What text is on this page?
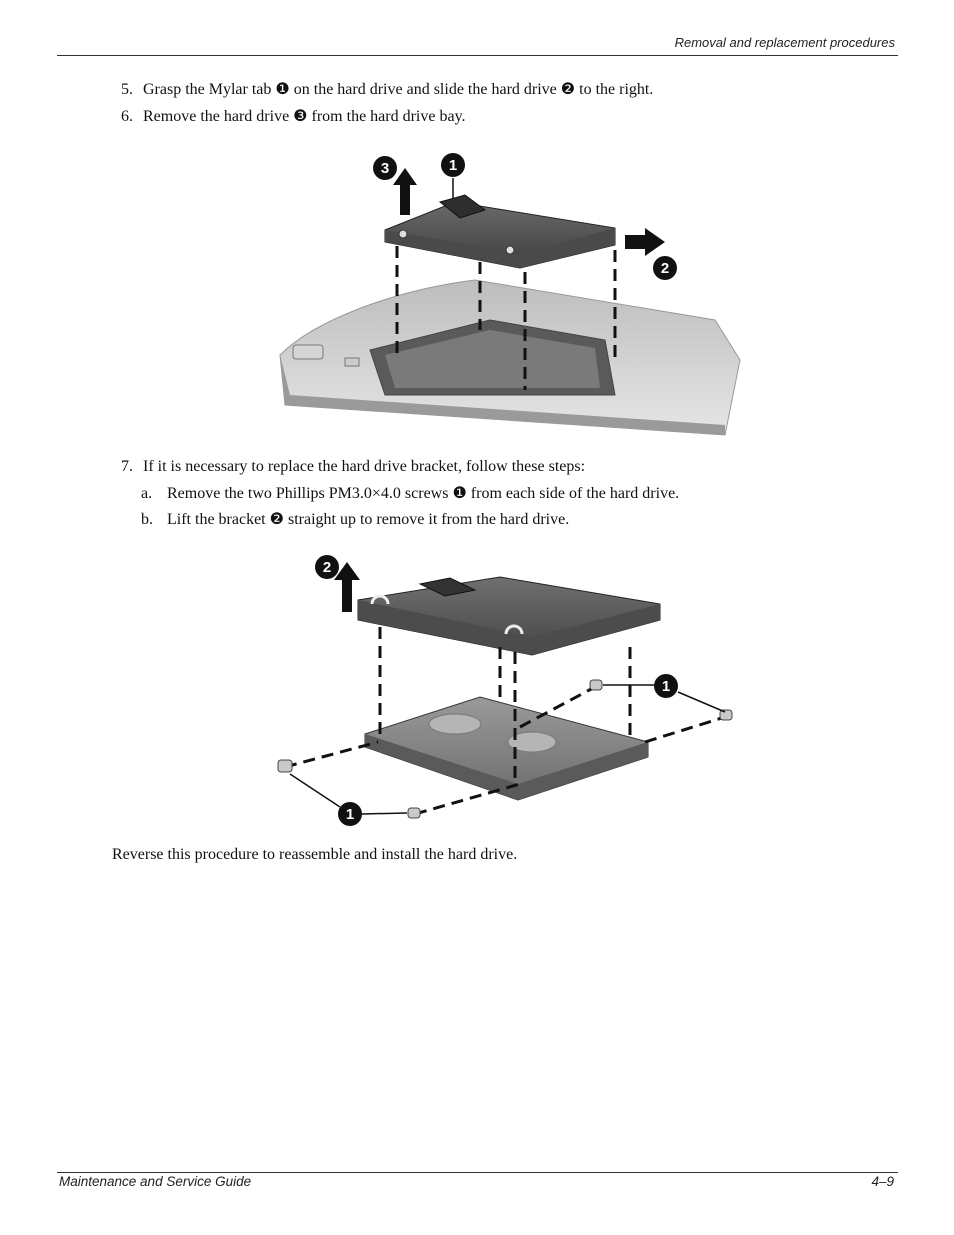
Removal and replacement procedures
5. Grasp the Mylar tab ❶ on the hard drive and slide the hard drive ❷ to the right.
6. Remove the hard drive ❸ from the hard drive bay.
3	1
2
7. If it is necessary to replace the hard drive bracket, follow these steps:
a. Remove the two Phillips PM3.0×4.0 screws ❶ from each side of the hard drive.
b. Lift the bracket ❷ straight up to remove it from the hard drive.
2
1
1
Reverse this procedure to reassemble and install the hard drive.
Maintenance and Service Guide	4–9
